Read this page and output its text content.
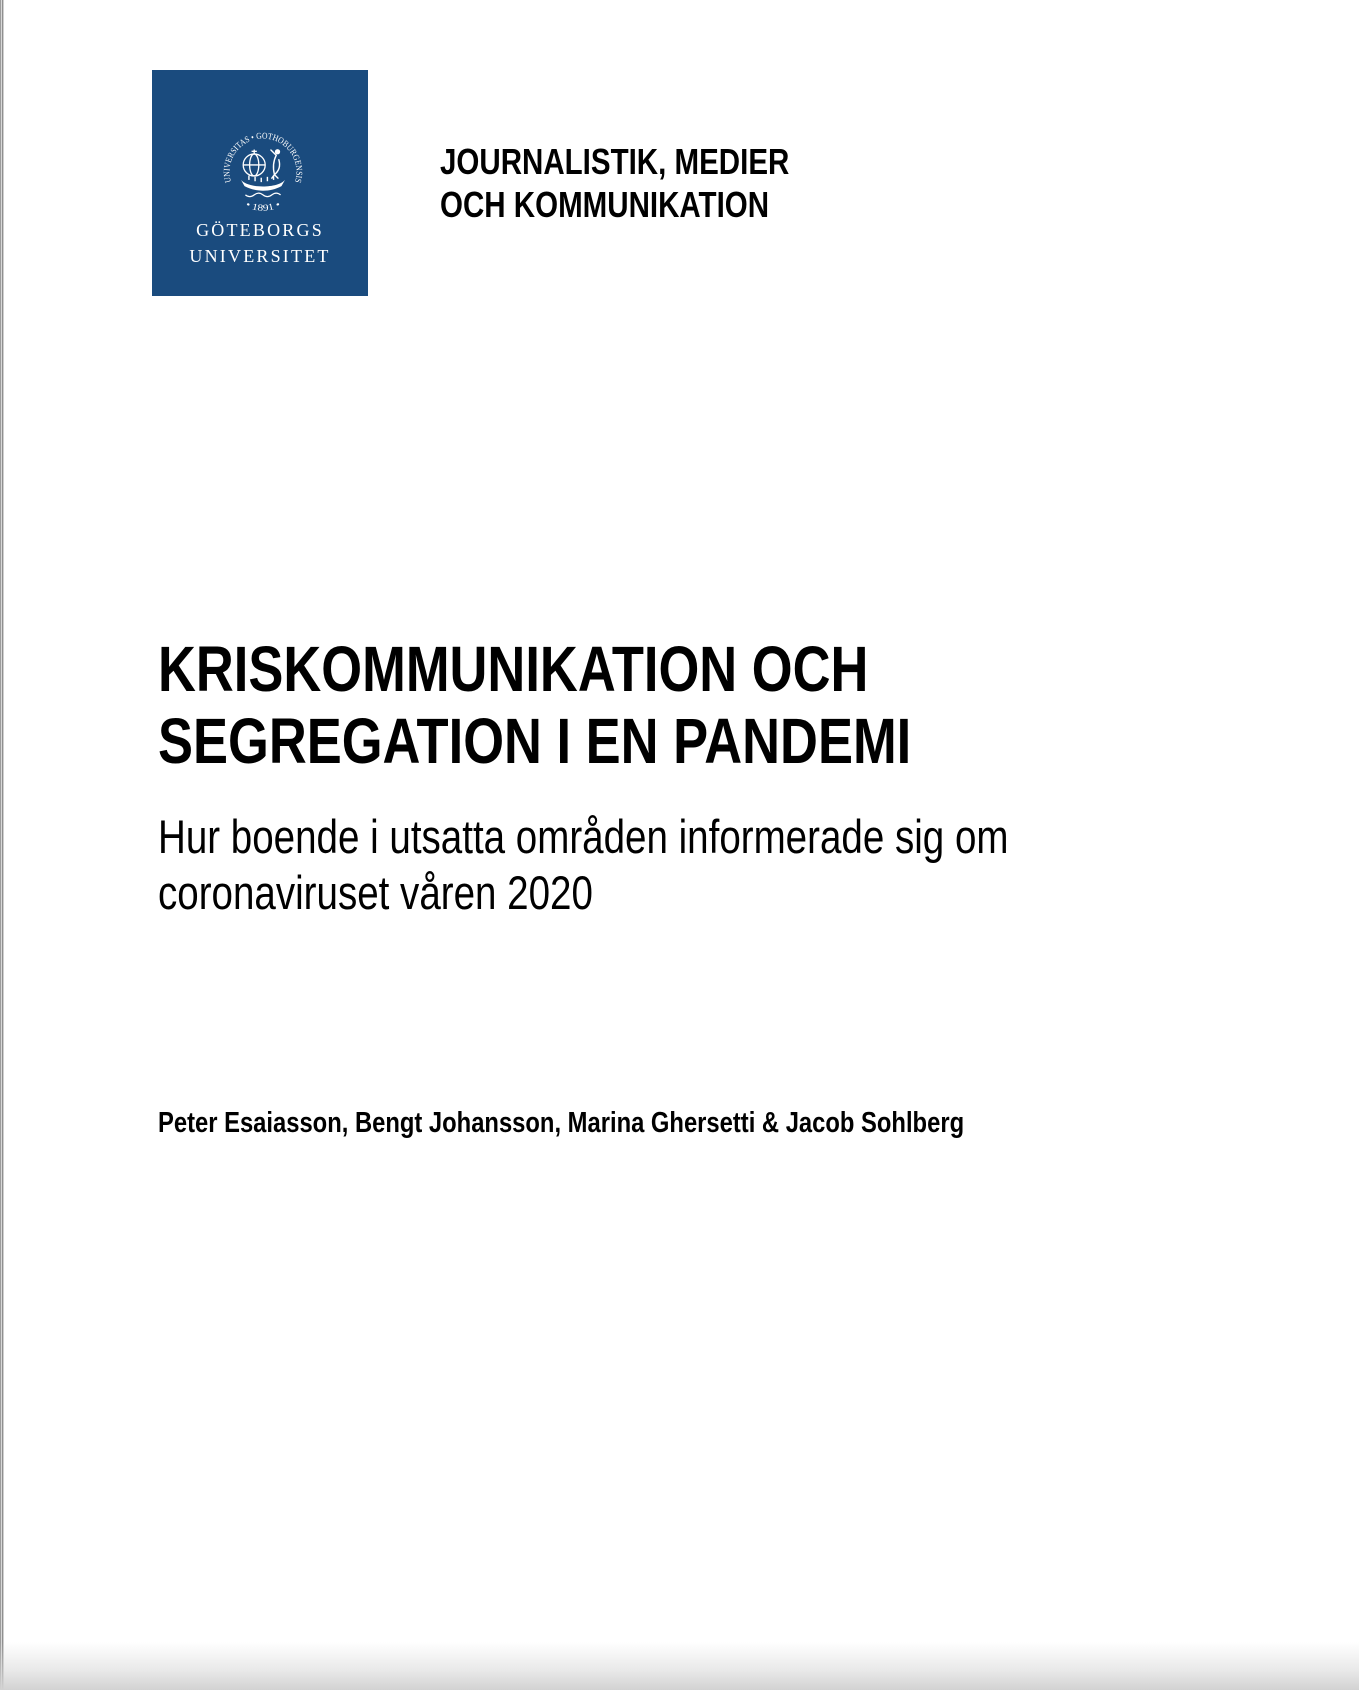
UNIVERSITAS • GOTHOBURGENSIS
• 1891 •
GÖTEBORGS
UNIVERSITET
JOURNALISTIK, MEDIER
OCH KOMMUNIKATION
KRISKOMMUNIKATION OCH
SEGREGATION I EN PANDEMI
Hur boende i utsatta områden informerade sig om
coronaviruset våren 2020
Peter Esaiasson, Bengt Johansson, Marina Ghersetti & Jacob Sohlberg
